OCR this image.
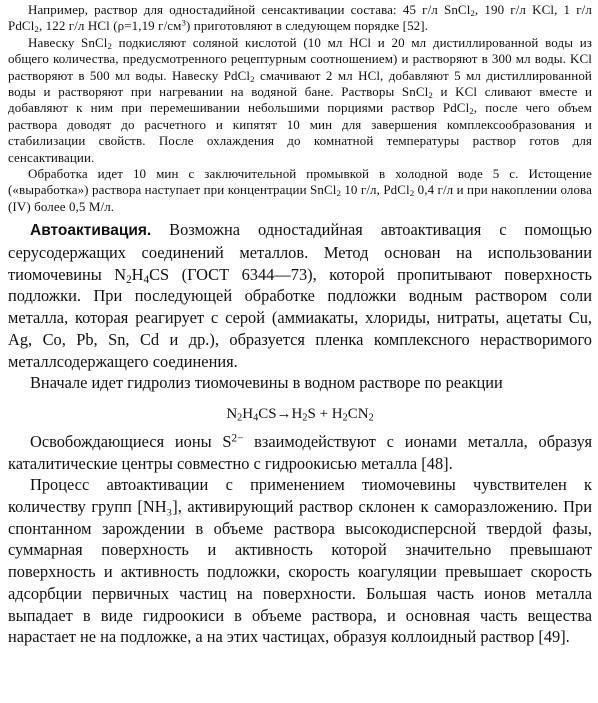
Например, раствор для одностадийной сенсактивации состава: 45 г/л SnCl$_2$, 190 г/л KCl, 1 г/л PdCl$_2$, 122 г/л HCl (ρ=1,19 $г/см^3$) приготовляют в следующем порядке [52].

Навеску SnCl$_2$ подкисляют соляной кислотой (10 мл HCl и 20 мл дистиллированной воды из общего количества, предусмотренного рецептурным соотношением) и растворяют в 300 мл воды. KCl растворяют в 500 мл воды. Навеску PdCl$_2$ смачивают 2 мл HCl, добавляют 5 мл дистиллированной воды и растворяют при нагревании на водяной бане. Растворы SnCl$_2$ и KCl сливают вместе и добавляют к ним при перемешивании небольшими порциями раствор PdCl$_2$, после чего объем раствора доводят до расчетного и кипятят 10 мин для завершения комплексообразования и стабилизации свойств. После охлаждения до комнатной температуры раствор готов для сенсактивации.

Обработка идет 10 мин с заключительной промывкой в холодной воде 5 с. Истощение («выработка») раствора наступает при концентрации SnCl$_2$ 10 г/л, PdCl$_2$ 0,4 г/л и при накоплении олова (IV) более 0,5 М/л.

Автоактивация. Возможна одностадийная автоактивация с помощью серусодержащих соединений металлов. Метод основан на использовании тиомочевины $N_2H_4CS$ (ГОСТ 6344—73), которой пропитывают поверхность подложки. При последующей обработке подложки водным раствором соли металла, которая реагирует с серой (аммиакаты, хлориды, нитраты, ацетаты Cu, Ag, Co, Pb, Sn, Cd и др.), образуется пленка комплексного нерастворимого металлсодержащего соединения.

Вначале идет гидролиз тиомочевины в водном растворе по реакции

$N_2H_4CS\to H_2S + H_2CN_2$

Освобождающиеся ионы $S^{2-}$ взаимодействуют с ионами металла, образуя каталитические центры совместно с гидроокисью металла [48].

Процесс автоактивации с применением тиомочевины чувствителен к количеству групп [NH₃], активирующий раствор склонен к саморазложению. При спонтанном зарождении в объеме раствора высокодисперсной твердой фазы, суммарная поверхность и активность которой значительно превышают поверхность и активность подложки, скорость коагуляции превышает скорость адсорбции первичных частиц на поверхности. Большая часть ионов металла выпадает в виде гидроокиси в объеме раствора, и основная часть вещества нарастает не на подложке, а на этих частицах, образуя коллоидный раствор [49].
